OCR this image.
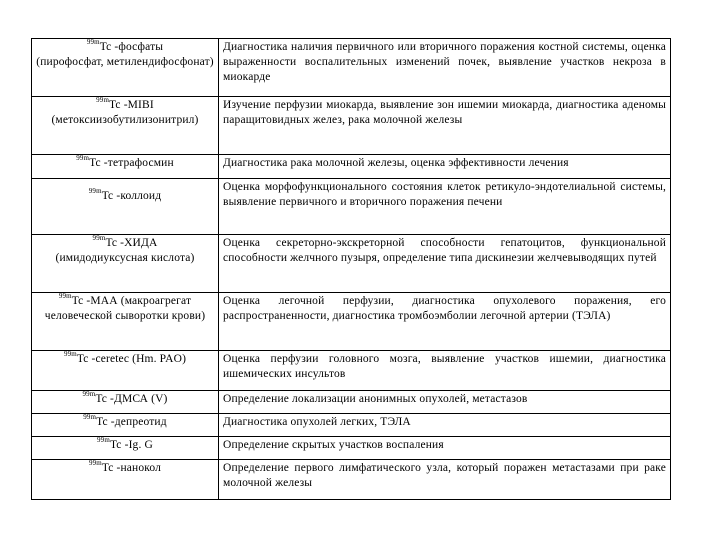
$^{99m}$Tc -фосфаты
(пирофосфат, метилендифосфонат)	Диагностика наличия первичного или вторичного поражения костной системы, оценка выраженности воспалительных изменений почек, выявление участков некроза в миокарде
$^{99m}$Tc -MIBI
(метоксиизобутилизонитрил)	Изучение перфузии миокарда, выявление зон ишемии миокарда, диагностика аденомы паращитовидных желез, рака молочной железы
$^{99m}$Tc -тетрафосмин	Диагностика рака молочной железы, оценка эффективности лечения
$^{99m}$Tc -коллоид	Оценка морфофункционального состояния клеток ретикуло-эндотелиальной системы, выявление первичного и вторичного поражения печени
$^{99m}$Tc -ХИДА
(имидодиуксусная кислота)	Оценка секреторно-экскреторной способности гепатоцитов, функциональной способности желчного пузыря, определение типа дискинезии желчевыводящих путей
$^{99m}$Tc -МАА (макроагрегат
человеческой сыворотки крови)	Оценка легочной перфузии, диагностика опухолевого поражения, его распространенности, диагностика тромбоэмболии легочной артерии (ТЭЛА)
$^{99m}$Tc -ceretec (Hm. PAO)	Оценка перфузии головного мозга, выявление участков ишемии, диагностика ишемических инсультов
$^{99m}$Tc -ДМСА (V)	Определение локализации анонимных опухолей, метастазов
$^{99m}$Tc -депреотид	Диагностика опухолей легких, ТЭЛА
$^{99m}$Tc -Ig. G	Определение скрытых участков воспаления
$^{99m}$Tc -нанокол	Определение первого лимфатического узла, который поражен метастазами при раке молочной железы
